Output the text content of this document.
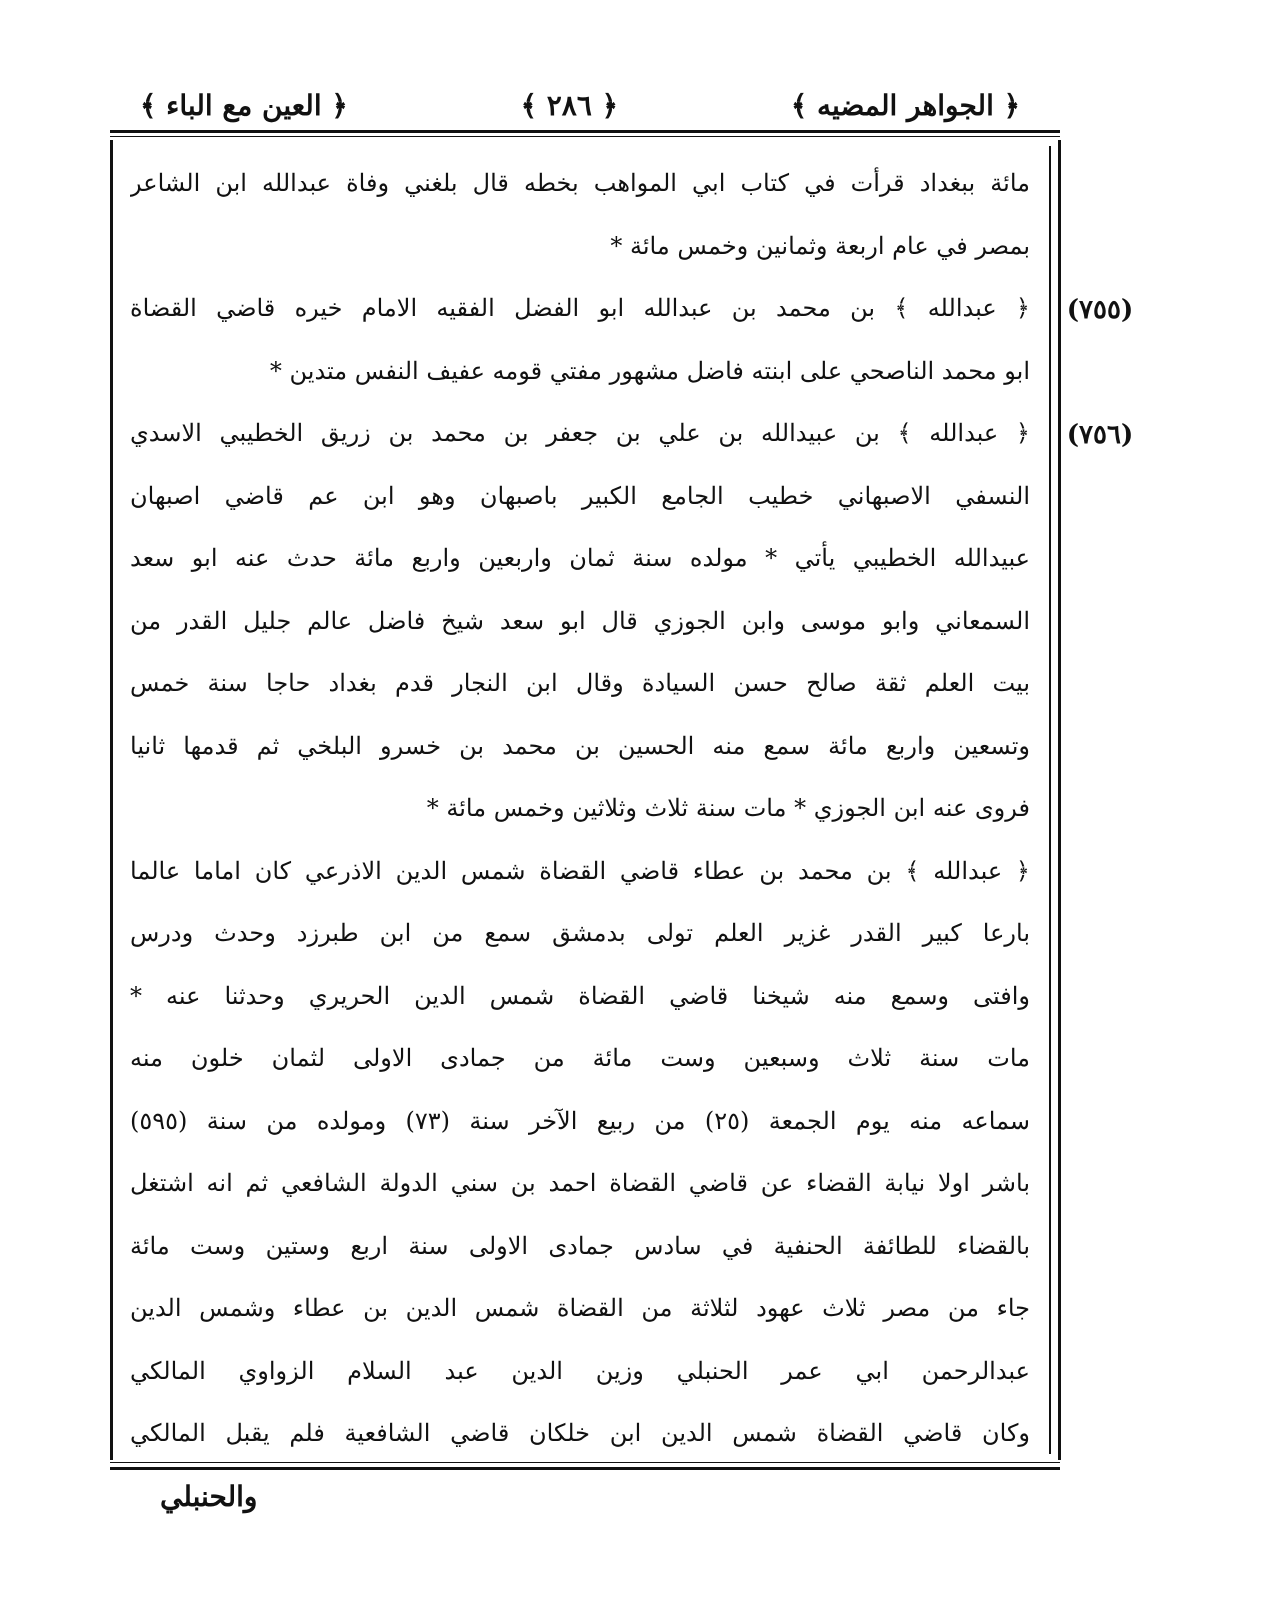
﴿ الجواهر المضيه ﴾
﴿ ٢٨٦ ﴾
﴿ العين مع الباء ﴾
(٧٥٥)
(٧٥٦)
مائة ببغداد قرأت في كتاب ابي المواهب بخطه قال بلغني وفاة عبدالله ابن الشاعر
بمصر في عام اربعة وثمانين وخمس مائة *
﴿ عبدالله ﴾ بن محمد بن عبدالله ابو الفضل الفقيه الامام خيره قاضي القضاة
ابو محمد الناصحي على ابنته فاضل مشهور مفتي قومه عفيف النفس متدين *
﴿ عبدالله ﴾ بن عبيدالله بن علي بن جعفر بن محمد بن زريق الخطيبي الاسدي
النسفي الاصبهاني خطيب الجامع الكبير باصبهان وهو ابن عم قاضي اصبهان
عبيدالله الخطيبي يأتي * مولده سنة ثمان واربعين واربع مائة حدث عنه ابو سعد
السمعاني وابو موسى وابن الجوزي قال ابو سعد شيخ فاضل عالم جليل القدر من
بيت العلم ثقة صالح حسن السيادة وقال ابن النجار قدم بغداد حاجا سنة خمس
وتسعين واربع مائة سمع منه الحسين بن محمد بن خسرو البلخي ثم قدمها ثانيا
فروى عنه ابن الجوزي * مات سنة ثلاث وثلاثين وخمس مائة *
﴿ عبدالله ﴾ بن محمد بن عطاء قاضي القضاة شمس الدين الاذرعي كان اماما عالما
بارعا كبير القدر غزير العلم تولى بدمشق سمع من ابن طبرزد وحدث ودرس
وافتى وسمع منه شيخنا قاضي القضاة شمس الدين الحريري وحدثنا عنه *
مات سنة ثلاث وسبعين وست مائة من جمادى الاولى لثمان خلون منه
سماعه منه يوم الجمعة (٢٥) من ربيع الآخر سنة (٧٣) ومولده من سنة (٥٩٥)
باشر اولا نيابة القضاء عن قاضي القضاة احمد بن سني الدولة الشافعي ثم انه اشتغل
بالقضاء للطائفة الحنفية في سادس جمادى الاولى سنة اربع وستين وست مائة
جاء من مصر ثلاث عهود لثلاثة من القضاة شمس الدين بن عطاء وشمس الدين
عبدالرحمن ابي عمر الحنبلي وزين الدين عبد السلام الزواوي المالكي
وكان قاضي القضاة شمس الدين ابن خلكان قاضي الشافعية فلم يقبل المالكي
والحنبلي
